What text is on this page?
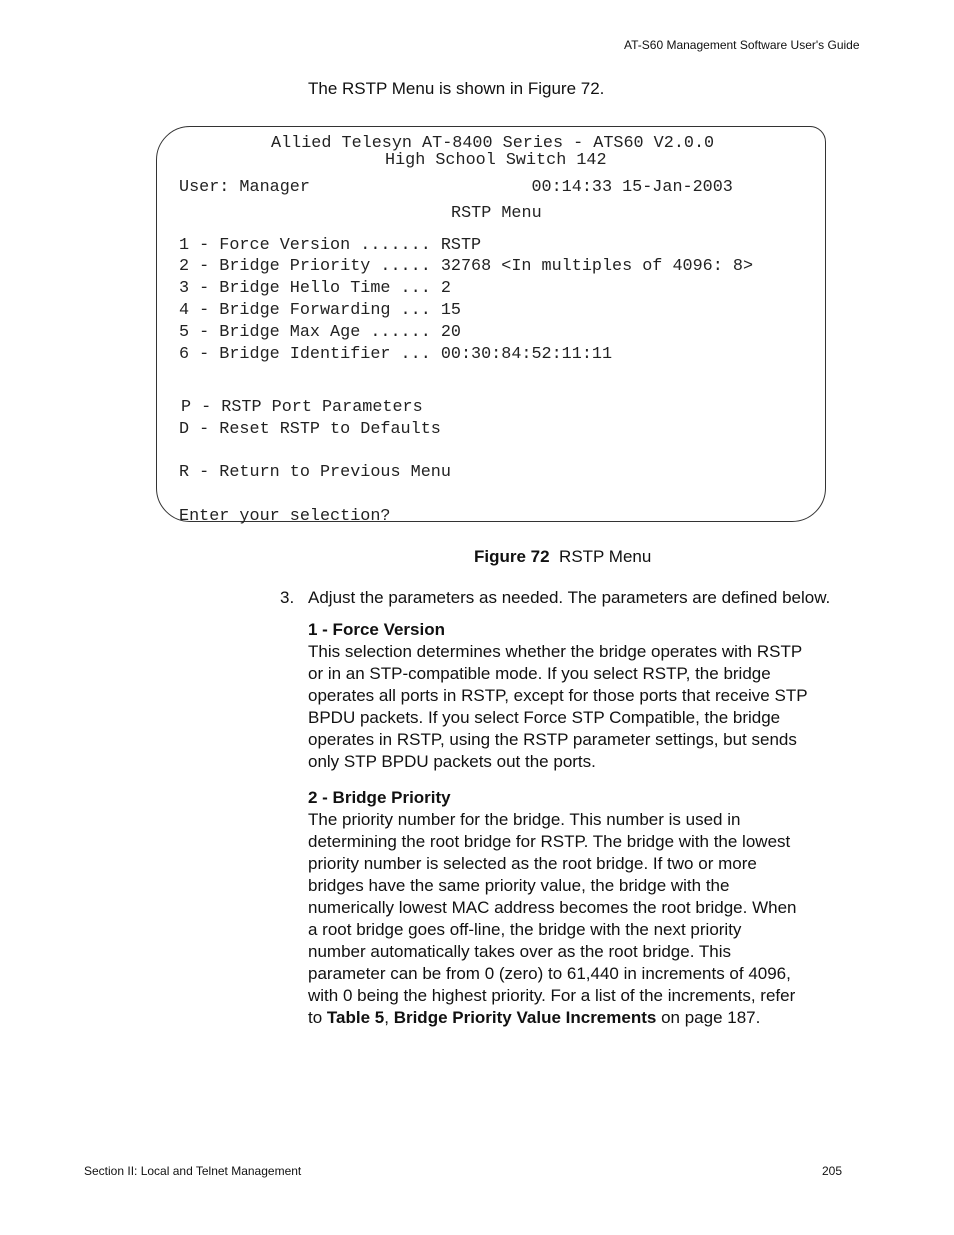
AT-S60 Management Software User's Guide
The RSTP Menu is shown in Figure 72.
Allied Telesyn AT-8400 Series - ATS60 V2.0.0
High School Switch 142
User: Manager                      00:14:33 15-Jan-2003
RSTP Menu
1 - Force Version ....... RSTP
2 - Bridge Priority ..... 32768 <In multiples of 4096: 8>
3 - Bridge Hello Time ... 2
4 - Bridge Forwarding ... 15
5 - Bridge Max Age ...... 20
6 - Bridge Identifier ... 00:30:84:52:11:11
P - RSTP Port Parameters
D - Reset RSTP to Defaults
R - Return to Previous Menu
Enter your selection?
Figure 72 RSTP Menu
3. Adjust the parameters as needed. The parameters are defined below.
1 - Force Version
This selection determines whether the bridge operates with RSTP
or in an STP-compatible mode. If you select RSTP, the bridge
operates all ports in RSTP, except for those ports that receive STP
BPDU packets. If you select Force STP Compatible, the bridge
operates in RSTP, using the RSTP parameter settings, but sends
only STP BPDU packets out the ports.
2 - Bridge Priority
The priority number for the bridge. This number is used in
determining the root bridge for RSTP. The bridge with the lowest
priority number is selected as the root bridge. If two or more
bridges have the same priority value, the bridge with the
numerically lowest MAC address becomes the root bridge. When
a root bridge goes off-line, the bridge with the next priority
number automatically takes over as the root bridge. This
parameter can be from 0 (zero) to 61,440 in increments of 4096,
with 0 being the highest priority. For a list of the increments, refer
to Table 5, Bridge Priority Value Increments on page 187.
Section II: Local and Telnet Management	205
